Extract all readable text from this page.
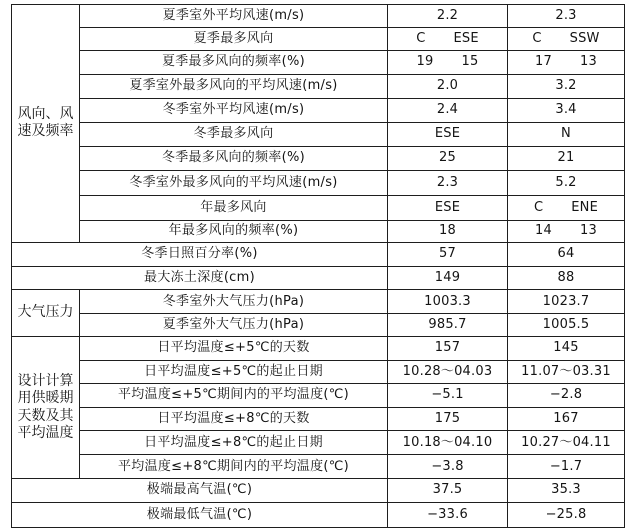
风向、风速及频率	夏季室外平均风速(m/s)	2.2	2.3
	夏季最多风向	C ESE	C SSW

	夏季最多风向的频率(%)	19 15	17 13

	夏季室外最多风向的平均风速(m/s)	2.0	3.2
	冬季室外平均风速(m/s)	2.4	3.4
	冬季最多风向	ESE	N
	冬季最多风向的频率(%)	25	21
	冬季室外最多风向的平均风速(m/s)	2.3	5.2
	年最多风向	ESE	C ENE

	年最多风向的频率(%)	18	14 13

冬季日照百分率(%)		57	64
最大冻土深度(cm)		149	88
大气压力	冬季室外大气压力(hPa)	1003.3	1023.7
	夏季室外大气压力(hPa)	985.7	1005.5
设计计算用供暖期天数及其平均温度	日平均温度≤+5℃的天数	157	145
	日平均温度≤+5℃的起止日期	10.28～04.03	11.07～03.31
	平均温度≤+5℃期间内的平均温度(℃)	−5.1	−2.8
	日平均温度≤+8℃的天数	175	167
	日平均温度≤+8℃的起止日期	10.18～04.10	10.27～04.11
	平均温度≤+8℃期间内的平均温度(℃)	−3.8	−1.7
极端最高气温(℃)		37.5	35.3
极端最低气温(℃)		−33.6	−25.8
